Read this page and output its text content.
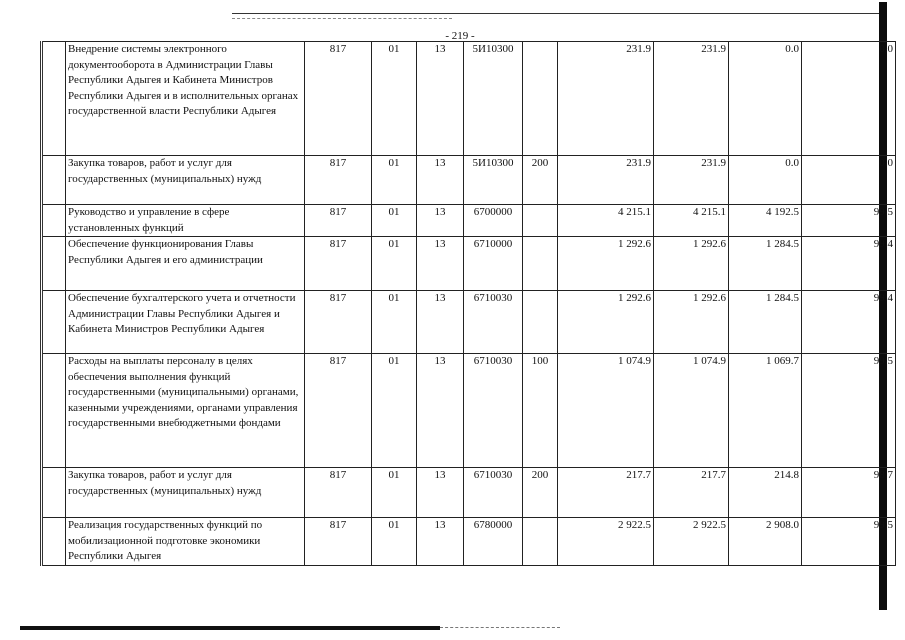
- 219 -
	Внедрение системы электронного документооборота в Администрации Главы Республики Адыгея и Кабинета Министров Республики Адыгея и в исполнительных органах государственной власти Республики Адыгея	817	01	13	5И10300		231.9	231.9	0.0	0.0
	Закупка товаров, работ и услуг для государственных (муниципальных) нужд	817	01	13	5И10300	200	231.9	231.9	0.0	0.0
	Руководство и управление в сфере установленных функций	817	01	13	6700000		4 215.1	4 215.1	4 192.5	99.5
	Обеспечение функционирования Главы Республики Адыгея и его администрации	817	01	13	6710000		1 292.6	1 292.6	1 284.5	99.4
	Обеспечение бухгалтерского учета и отчетности Администрации Главы Республики Адыгея и Кабинета Министров Республики Адыгея	817	01	13	6710030		1 292.6	1 292.6	1 284.5	99.4
	Расходы на выплаты персоналу в целях обеспечения выполнения функций государственными (муниципальными) органами, казенными учреждениями, органами управления государственными внебюджетными фондами	817	01	13	6710030	100	1 074.9	1 074.9	1 069.7	99.5
	Закупка товаров, работ и услуг для государственных (муниципальных) нужд	817	01	13	6710030	200	217.7	217.7	214.8	98.7
	Реализация государственных функций по мобилизационной подготовке экономики Республики Адыгея	817	01	13	6780000		2 922.5	2 922.5	2 908.0	99.5
